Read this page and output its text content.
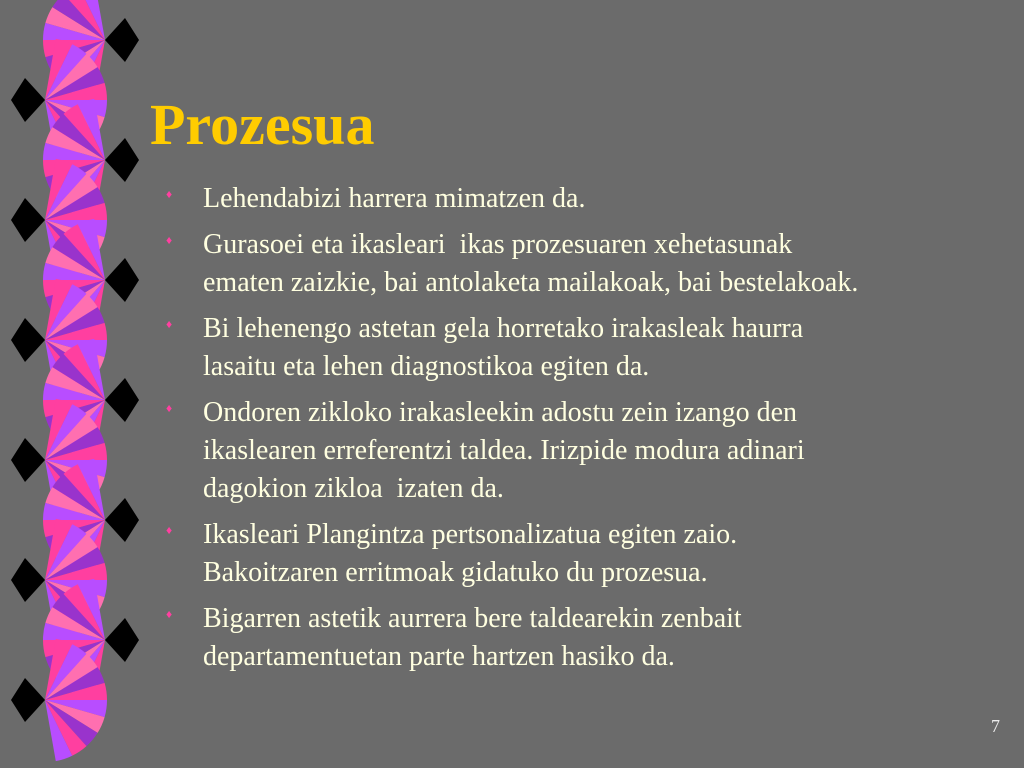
Prozesua
♦ Lehendabizi harrera mimatzen da.
♦ Gurasoei eta ikasleari  ikas prozesuaren xehetasunak
ematen zaizkie, bai antolaketa mailakoak, bai bestelakoak.
♦ Bi lehenengo astetan gela horretako irakasleak haurra
lasaitu eta lehen diagnostikoa egiten da.
♦ Ondoren zikloko irakasleekin adostu zein izango den
ikaslearen erreferentzi taldea. Irizpide modura adinari
dagokion zikloa  izaten da.
♦ Ikasleari Plangintza pertsonalizatua egiten zaio.
Bakoitzaren erritmoak gidatuko du prozesua.
♦ Bigarren astetik aurrera bere taldearekin zenbait
departamentuetan parte hartzen hasiko da.
7
